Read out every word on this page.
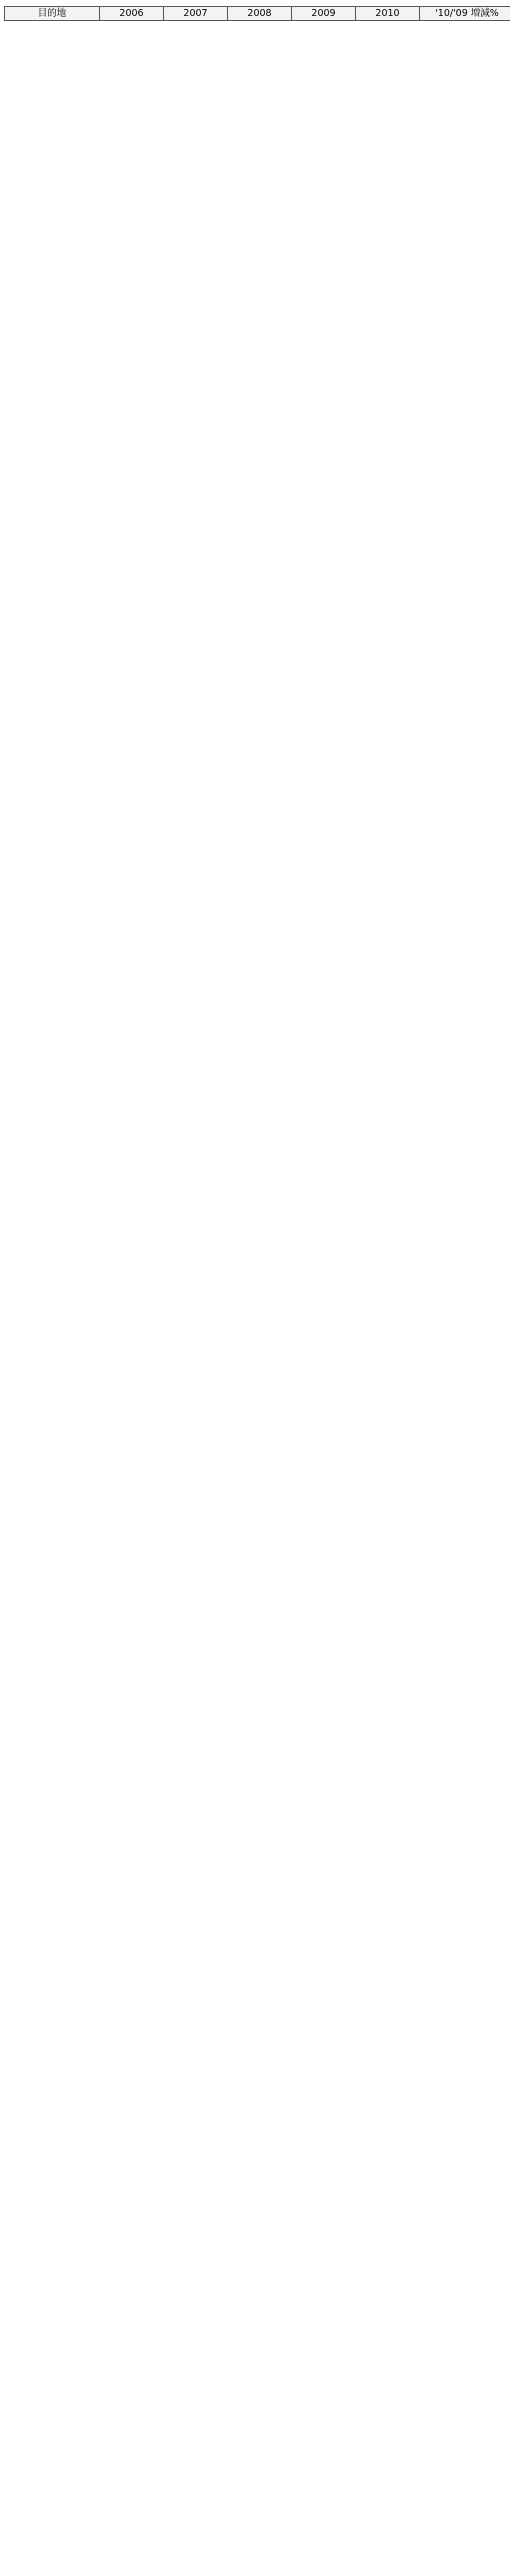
目的地	2006	2007	2008	2009	2010	'10/'09 増減%
